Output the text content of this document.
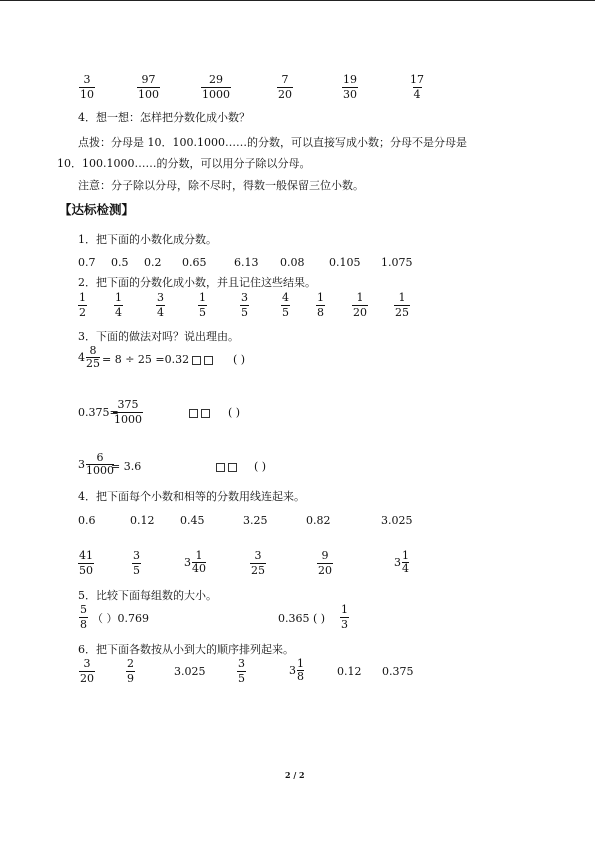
$\frac{3}{10}$	$\frac{97}{100}$	$\frac{29}{1000}$	$\frac{7}{20}$	$\frac{19}{30}$	$\frac{17}{4}$
4．想一想：怎样把分数化成小数？
点拨：分母是 10．100.1000……的分数，可以直接写成小数；分母不是分母是
10．100.1000……的分数，可以用分子除以分母。
注意：分子除以分母，除不尽时，得数一般保留三位小数。
【达标检测】
1．把下面的小数化成分数。
0.7 0.5 0.2 0.65	6.13 0.08 0.105 1.075
2．把下面的分数化成小数，并且记住这些结果。
$\frac{1}{2} \frac{1}{4}$	$\frac{3}{4}$	$\frac{1}{5}$	$\frac{3}{5}$	$\frac{4}{5} \frac{1}{8} \frac{1}{20} \frac{1}{25}$
3．下面的做法对吗？说出理由。
4
8
25 = 8 ÷ 25 =0.32	( )
0.375=
$\frac{375}{1000}$	( )
3
6
1000
= 3.6	( )
4．把下面每个小数和相等的分数用线连起来。
0.6	0.12 0.45	3.25	0.82	3.025
$\frac{41}{50}$	$\frac{3}{5}$	3
1
40	$\frac{3}{25}$	$\frac{9}{20}$	3
1
4
5．比较下面每组数的大小。
$\frac{5}{8}$ （ ）0.769	0.365 ( ) $\frac{1}{3}$
6．把下面各数按从小到大的顺序排列起来。
$\frac{3}{20}$	$\frac{2}{9}$	3.025	$\frac{3}{5}$	3
1
8	0.12 0.375
2 / 2
